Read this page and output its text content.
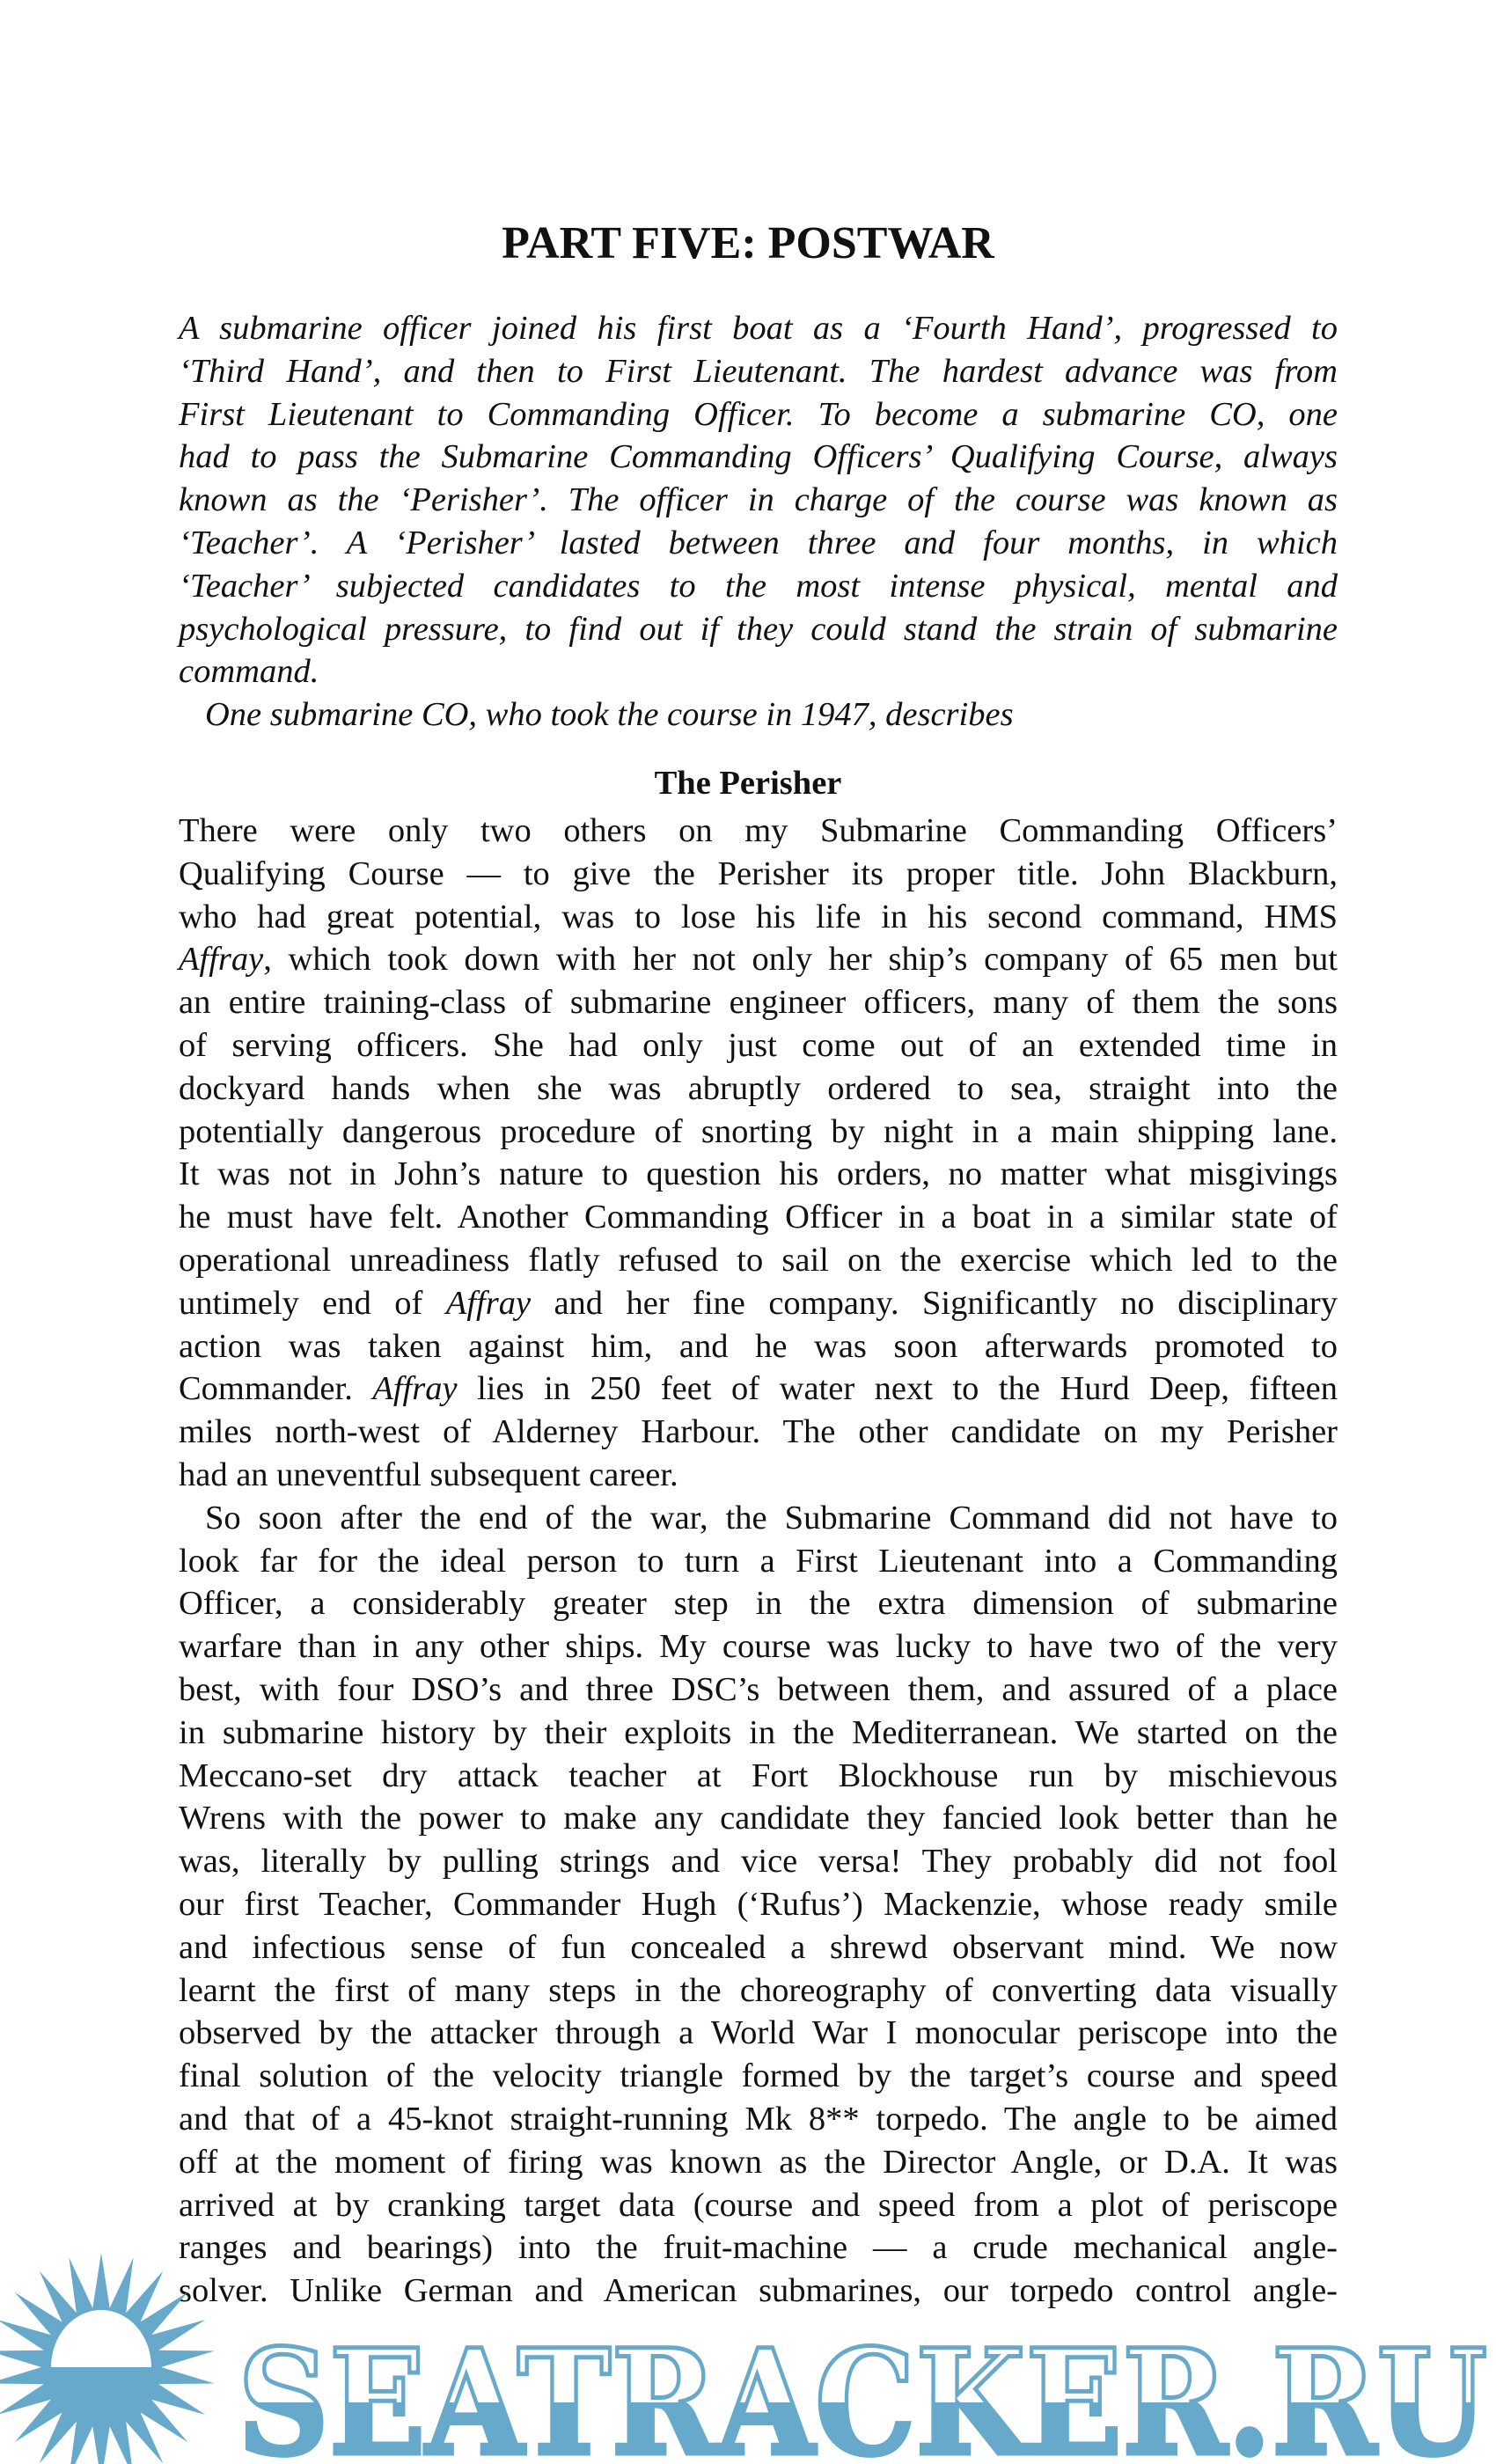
PART FIVE: POSTWAR
A submarine officer joined his first boat as a ‘Fourth Hand’, progressed to
‘Third Hand’, and then to First Lieutenant. The hardest advance was from
First Lieutenant to Commanding Officer. To become a submarine CO, one
had to pass the Submarine Commanding Officers’ Qualifying Course, always
known as the ‘Perisher’. The officer in charge of the course was known as
‘Teacher’. A ‘Perisher’ lasted between three and four months, in which
‘Teacher’ subjected candidates to the most intense physical, mental and
psychological pressure, to find out if they could stand the strain of submarine
command.
One submarine CO, who took the course in 1947, describes
The Perisher
There were only two others on my Submarine Commanding Officers’
Qualifying Course — to give the Perisher its proper title. John Blackburn,
who had great potential, was to lose his life in his second command, HMS
Affray, which took down with her not only her ship’s company of 65 men but
an entire training-class of submarine engineer officers, many of them the sons
of serving officers. She had only just come out of an extended time in
dockyard hands when she was abruptly ordered to sea, straight into the
potentially dangerous procedure of snorting by night in a main shipping lane.
It was not in John’s nature to question his orders, no matter what misgivings
he must have felt. Another Commanding Officer in a boat in a similar state of
operational unreadiness flatly refused to sail on the exercise which led to the
untimely end of Affray and her fine company. Significantly no disciplinary
action was taken against him, and he was soon afterwards promoted to
Commander. Affray lies in 250 feet of water next to the Hurd Deep, fifteen
miles north-west of Alderney Harbour. The other candidate on my Perisher
had an uneventful subsequent career.
So soon after the end of the war, the Submarine Command did not have to
look far for the ideal person to turn a First Lieutenant into a Commanding
Officer, a considerably greater step in the extra dimension of submarine
warfare than in any other ships. My course was lucky to have two of the very
best, with four DSO’s and three DSC’s between them, and assured of a place
in submarine history by their exploits in the Mediterranean. We started on the
Meccano-set dry attack teacher at Fort Blockhouse run by mischievous
Wrens with the power to make any candidate they fancied look better than he
was, literally by pulling strings and vice versa! They probably did not fool
our first Teacher, Commander Hugh (‘Rufus’) Mackenzie, whose ready smile
and infectious sense of fun concealed a shrewd observant mind. We now
learnt the first of many steps in the choreography of converting data visually
observed by the attacker through a World War I monocular periscope into the
final solution of the velocity triangle formed by the target’s course and speed
and that of a 45-knot straight-running Mk 8** torpedo. The angle to be aimed
off at the moment of firing was known as the Director Angle, or D.A. It was
arrived at by cranking target data (course and speed from a plot of periscope
ranges and bearings) into the fruit-machine — a crude mechanical angle-
solver. Unlike German and American submarines, our torpedo control angle-
SEATRACKER.RU
